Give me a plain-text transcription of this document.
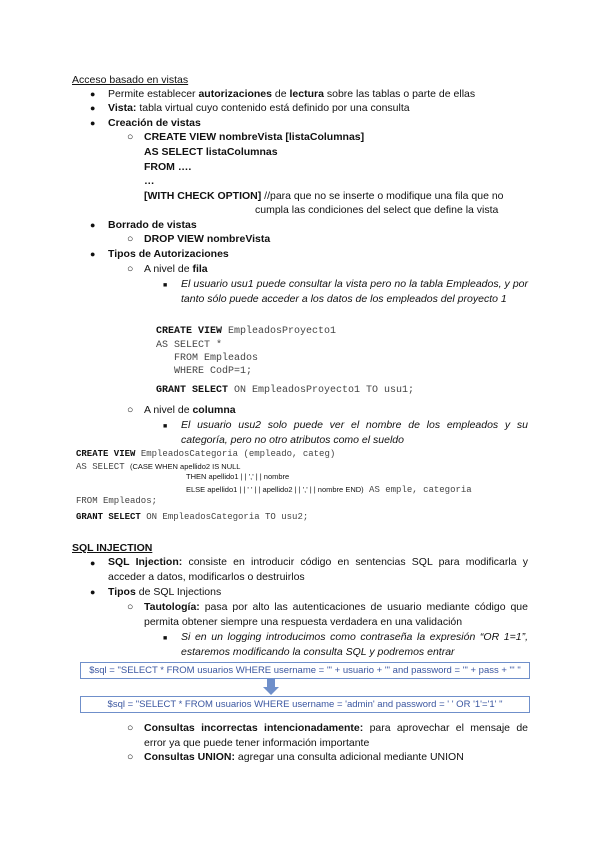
Acceso basado en vistas
● Permite establecer autorizaciones de lectura sobre las tablas o parte de ellas
● Vista: tabla virtual cuyo contenido está definido por una consulta
● Creación de vistas
○ CREATE VIEW nombreVista [listaColumnas]
AS SELECT listaColumnas
FROM ….
…
[WITH CHECK OPTION] //para que no se inserte o modifique una fila que no
cumpla las condiciones del select que define la vista
● Borrado de vistas
○ DROP VIEW nombreVista
● Tipos de Autorizaciones
○ A nivel de fila
■ El usuario usu1 puede consultar la vista pero no la tabla Empleados, y por tanto sólo puede acceder a los datos de los empleados del proyecto 1
CREATE VIEW EmpleadosProyecto1
AS SELECT *
FROM Empleados
WHERE CodP=1;
GRANT SELECT ON EmpleadosProyecto1 TO usu1;
○ A nivel de columna
■ El usuario usu2 solo puede ver el nombre de los empleados y su categoría, pero no otro atributos como el sueldo
CREATE VIEW EmpleadosCategoria (empleado, categ)
AS SELECT (CASE WHEN apellido2 IS NULL
THEN apellido1 | | ',' | | nombre
ELSE apellido1 | | ' ' | | apellido2 | | ',' | | nombre END) AS emple, categoria
FROM Empleados;
GRANT SELECT ON EmpleadosCategoria TO usu2;
SQL INJECTION
● SQL Injection: consiste en introducir código en sentencias SQL para modificarla y acceder a datos, modificarlos o destruirlos
● Tipos de SQL Injections
○ Tautología: pasa por alto las autenticaciones de usuario mediante código que permita obtener siempre una respuesta verdadera en una validación
■ Si en un logging introducimos como contraseña la expresión “OR 1=1”, estaremos modificando la consulta SQL y podremos entrar
$sql = "SELECT * FROM usuarios WHERE username = '" + usuario + "' and password = '" + pass + "' "
$sql = "SELECT * FROM usuarios WHERE username = 'admin' and password = ' ' OR '1'='1' "
○ Consultas incorrectas intencionadamente: para aprovechar el mensaje de error ya que puede tener información importante
○ Consultas UNION: agregar una consulta adicional mediante UNION
